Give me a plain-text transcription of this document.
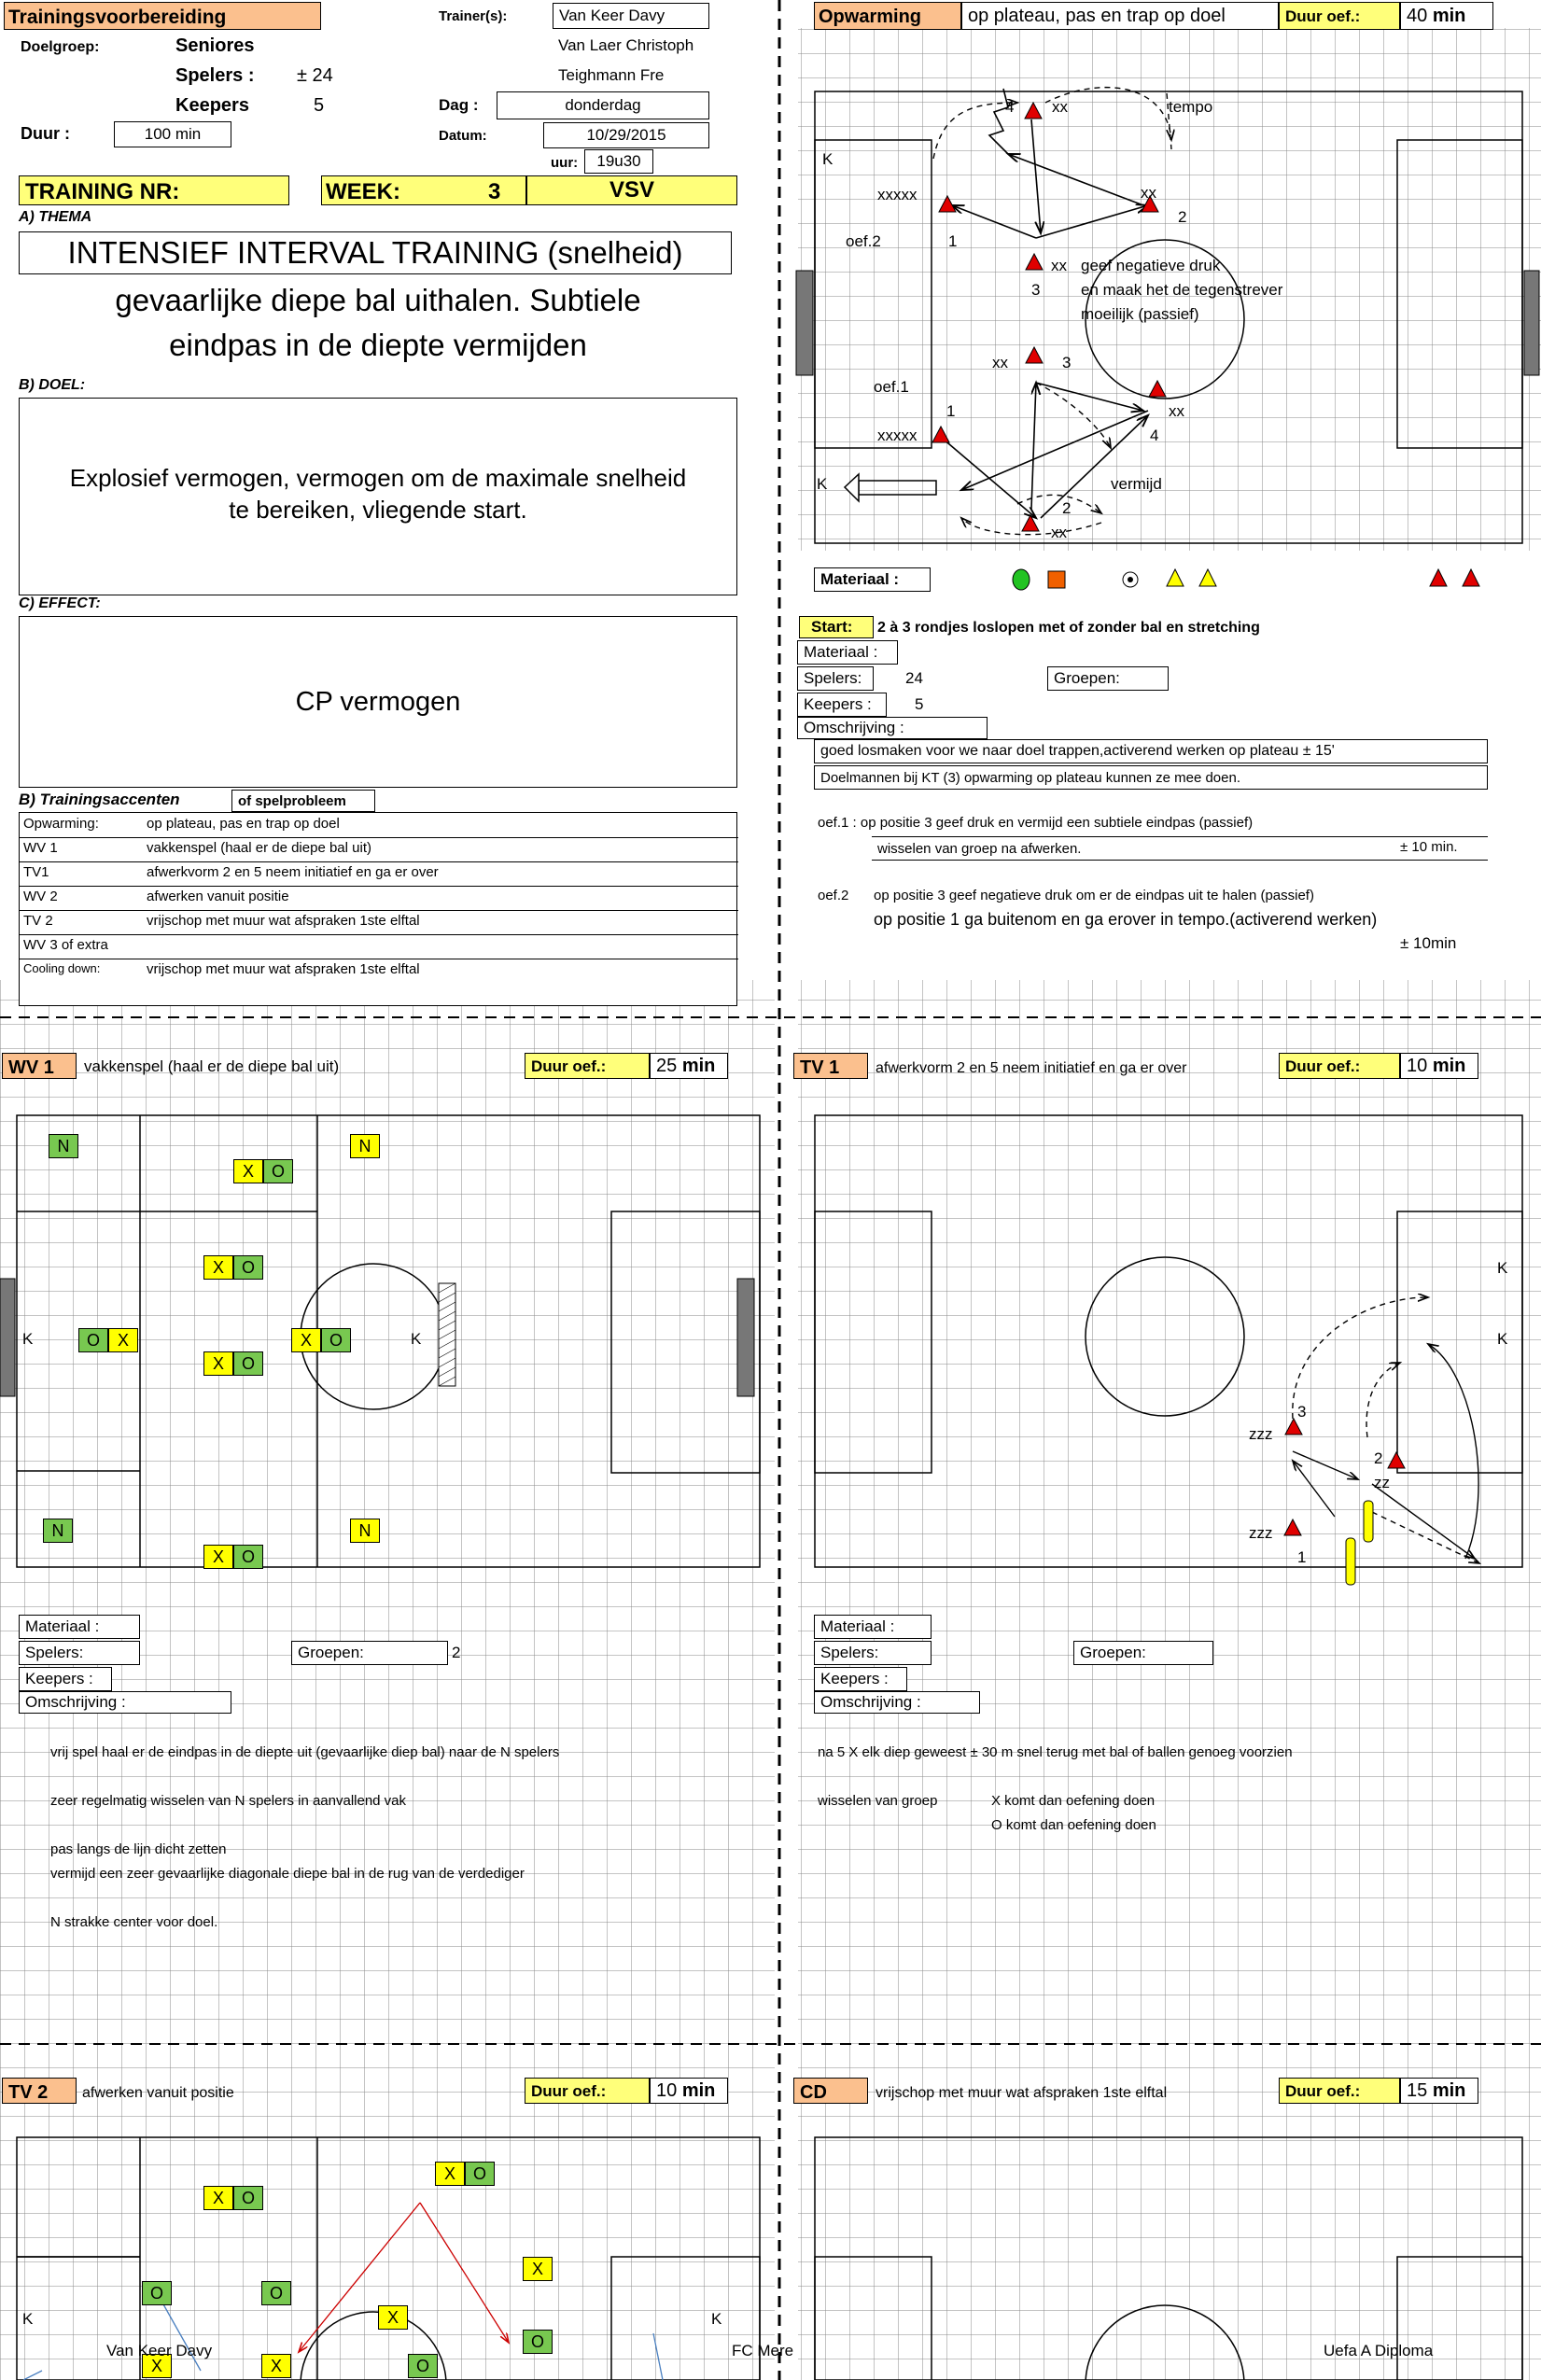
Trainingsvoorbereiding	Trainer(s):	Van Keer Davy
Van Laer Christoph
Teighmann Fre
Doelgroep:	Seniores
Spelers : ± 24
Keepers	5
Duur :	100 min
Dag :	donderdag
Datum:	10/29/2015
uur: 19u30
TRAINING NR:	WEEK:	3	VSV
A) THEMA
INTENSIEF INTERVAL TRAINING (snelheid)
gevaarlijke diepe bal uithalen. Subtiele
eindpas in de diepte vermijden
B) DOEL:
Explosief vermogen, vermogen om de maximale snelheid
te bereiken, vliegende start.
C) EFFECT:
CP vermogen
B) Trainingsaccenten	of spelprobleem
Opwarming:	op plateau, pas en trap op doel
WV 1	vakkenspel (haal er de diepe bal uit)
TV1	afwerkvorm 2 en 5 neem initiatief en ga er over
WV 2	afwerken vanuit positie
TV 2	vrijschop met muur wat afspraken 1ste elftal
WV 3 of extra
Cooling down:	vrijschop met muur wat afspraken 1ste elftal
Opwarming op plateau, pas en trap op doel	Duur oef.: 40
min
K
K
4 xx	tempo
xxxxx	xx
2
oef.2	1
xx geef negatieve druk
en maak het de tegenstrever
moeilijk (passief)
3
xx	3
oef.1
1	xx
xxxxx	4
vermijd
2
xx
Materiaal :
Start: 2 à 3 rondjes loslopen met of zonder bal en stretching
Materiaal :
Spelers:	24	Groepen:
Keepers :	5
Omschrijving :
goed losmaken voor we naar doel trappen,activerend werken op plateau ± 15'
Doelmannen bij KT (3) opwarming op plateau kunnen ze mee doen.
oef.1 : op positie 3 geef druk en vermijd een subtiele eindpas (passief)
wisselen van groep na afwerken.	± 10 min.
oef.2 op positie 3 geef negatieve druk om er de eindpas uit te halen (passief)
op positie 1 ga buitenom en ga erover in tempo.(activerend werken)
± 10min
WV 1 vakkenspel (haal er de diepe bal uit)	Duur oef.:	25
min
N	N
X O
X O
O X	X O
X O
N	N
X O
K	K
Materiaal :
Spelers:	Groepen:	2
Keepers :
Omschrijving :
vrij spel haal er de eindpas in de diepte uit (gevaarlijke diep bal) naar de N spelers
zeer regelmatig wisselen van N spelers in aanvallend vak
pas langs de lijn dicht zetten
vermijd een zeer gevaarlijke diagonale diepe bal in de rug van de verdediger
N strakke center voor doel.
TV 1 afwerkvorm 2 en 5 neem initiatief en ga er over	Duur oef.: 10
min
K
K
3
zzz
2
zz
zzz
1
Materiaal :
Spelers:	Groepen:
Keepers :
Omschrijving :
na 5 X elk diep geweest ± 30 m snel terug met bal of ballen genoeg voorzien
wisselen van groep	X komt dan oefening doen
O komt dan oefening doen
TV 2 afwerken vanuit positie	Duur oef.:	10
min
X O
X O
X
O	O
X
O
X	X	O
K	K
CD	vrijschop met muur wat afspraken 1ste elftal	Duur oef.: 15
min
Van Keer Davy	FC Mere	Uefa A Diploma
